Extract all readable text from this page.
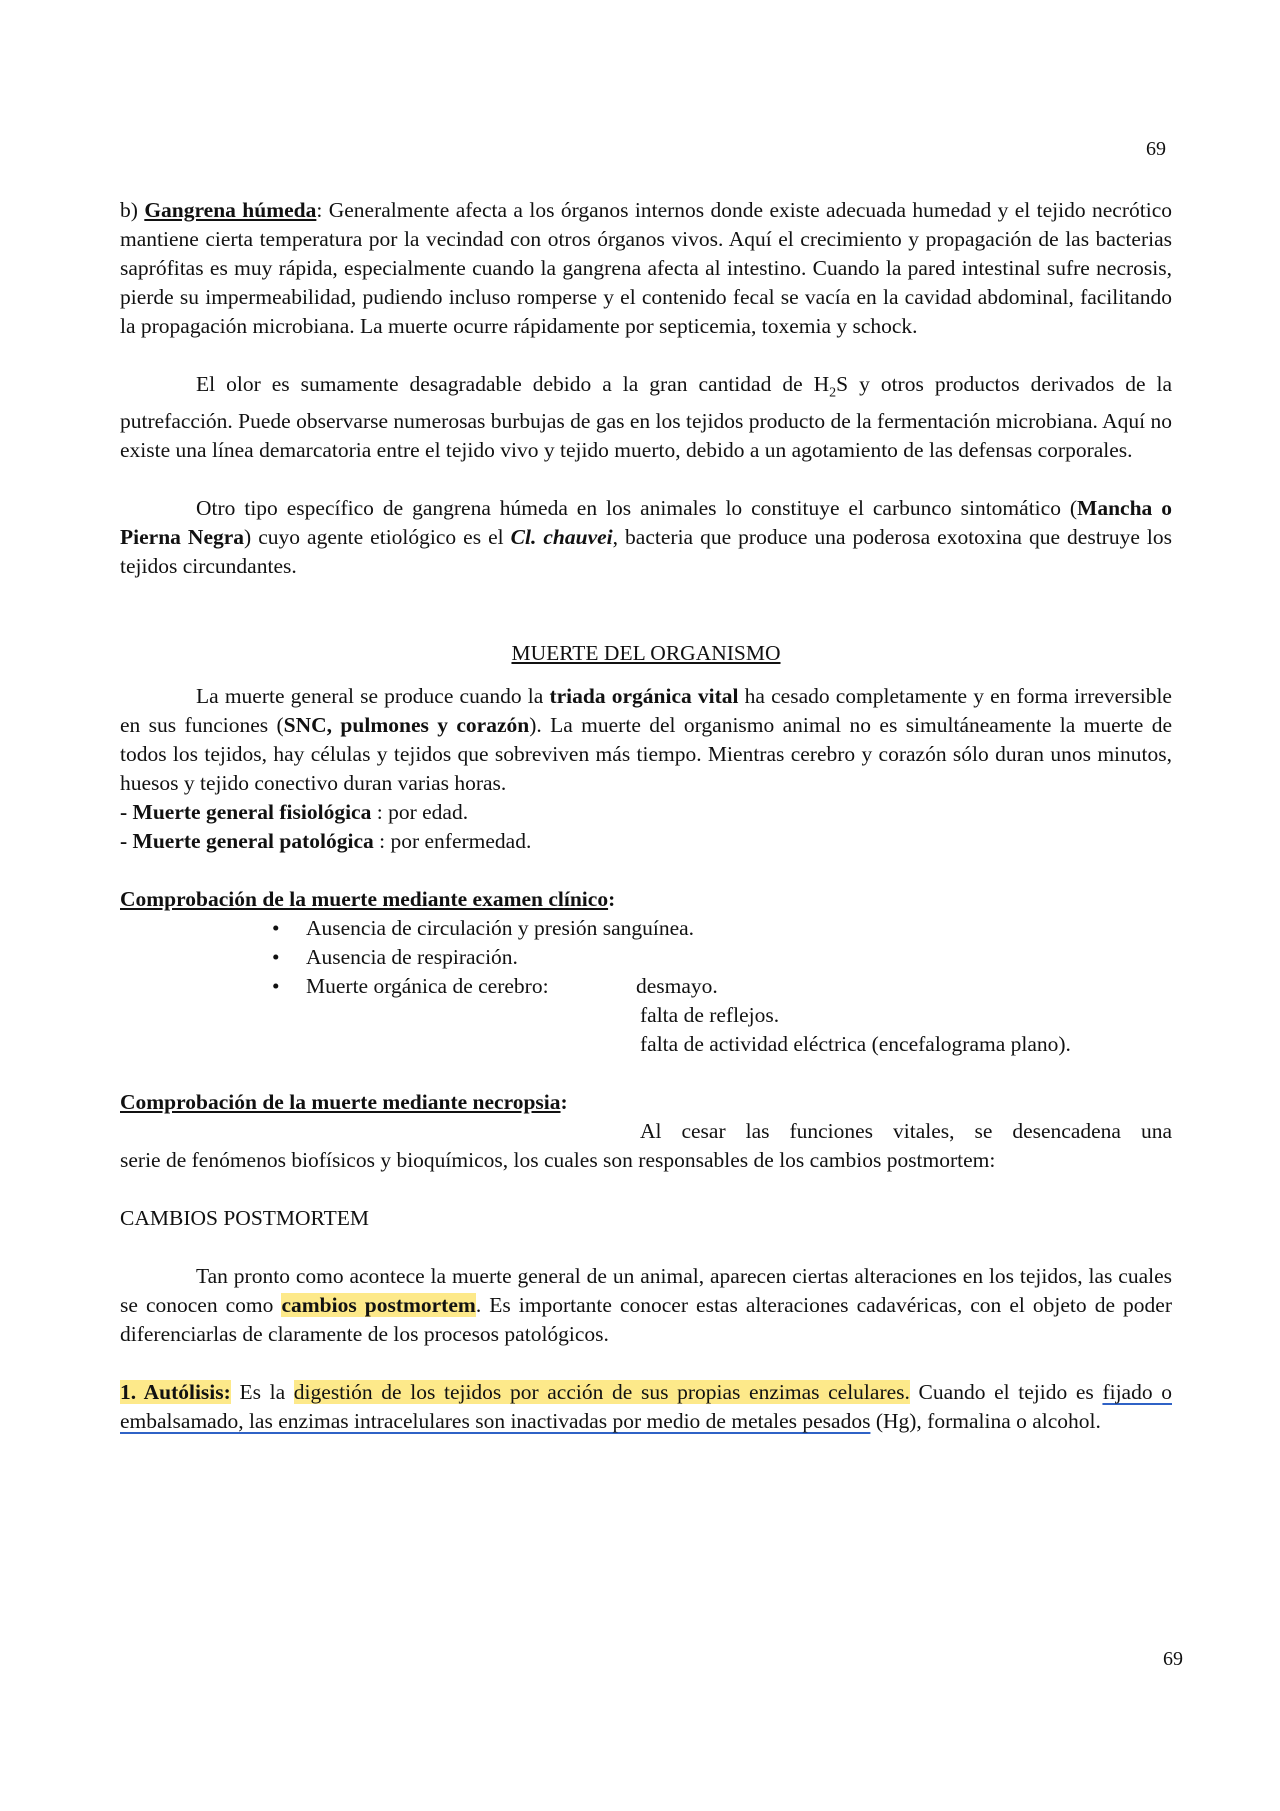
69

b) Gangrena húmeda: Generalmente afecta a los órganos internos donde existe adecuada humedad y el tejido necrótico mantiene cierta temperatura por la vecindad con otros órganos vivos. Aquí el crecimiento y propagación de las bacterias saprófitas es muy rápida, especialmente cuando la gangrena afecta al intestino. Cuando la pared intestinal sufre necrosis, pierde su impermeabilidad, pudiendo incluso romperse y el contenido fecal se vacía en la cavidad abdominal, facilitando la propagación microbiana. La muerte ocurre rápidamente por septicemia, toxemia y schock.

El olor es sumamente desagradable debido a la gran cantidad de $H_2S$ y otros productos derivados de la putrefacción. Puede observarse numerosas burbujas de gas en los tejidos producto de la fermentación microbiana. Aquí no existe una línea demarcatoria entre el tejido vivo y tejido muerto, debido a un agotamiento de las defensas corporales.

Otro tipo específico de gangrena húmeda en los animales lo constituye el carbunco sintomático (Mancha o Pierna Negra) cuyo agente etiológico es el Cl. chauvei, bacteria que produce una poderosa exotoxina que destruye los tejidos circundantes.

MUERTE DEL ORGANISMO

La muerte general se produce cuando la triada orgánica vital ha cesado completamente y en forma irreversible en sus funciones (SNC, pulmones y corazón). La muerte del organismo animal no es simultáneamente la muerte de todos los tejidos, hay células y tejidos que sobreviven más tiempo. Mientras cerebro y corazón sólo duran unos minutos, huesos y tejido conectivo duran varias horas.

- Muerte general fisiológica : por edad.

- Muerte general patológica : por enfermedad.

Comprobación de la muerte mediante examen clínico:

• Ausencia de circulación y presión sanguínea.
• Ausencia de respiración.
• Muerte orgánica de cerebro:	desmayo.

falta de reflejos.

falta de actividad eléctrica (encefalograma plano).

Comprobación de la muerte mediante necropsia:

Al cesar las funciones vitales, se desencadena una

serie de fenómenos biofísicos y bioquímicos, los cuales son responsables de los cambios postmortem:

CAMBIOS POSTMORTEM

Tan pronto como acontece la muerte general de un animal, aparecen ciertas alteraciones en los tejidos, las cuales se conocen como cambios postmortem. Es importante conocer estas alteraciones cadavéricas, con el objeto de poder diferenciarlas de claramente de los procesos patológicos.

1. Autólisis: Es la digestión de los tejidos por acción de sus propias enzimas celulares. Cuando el tejido es fijado o embalsamado, las enzimas intracelulares son inactivadas por medio de metales pesados (Hg), formalina o alcohol.

69
